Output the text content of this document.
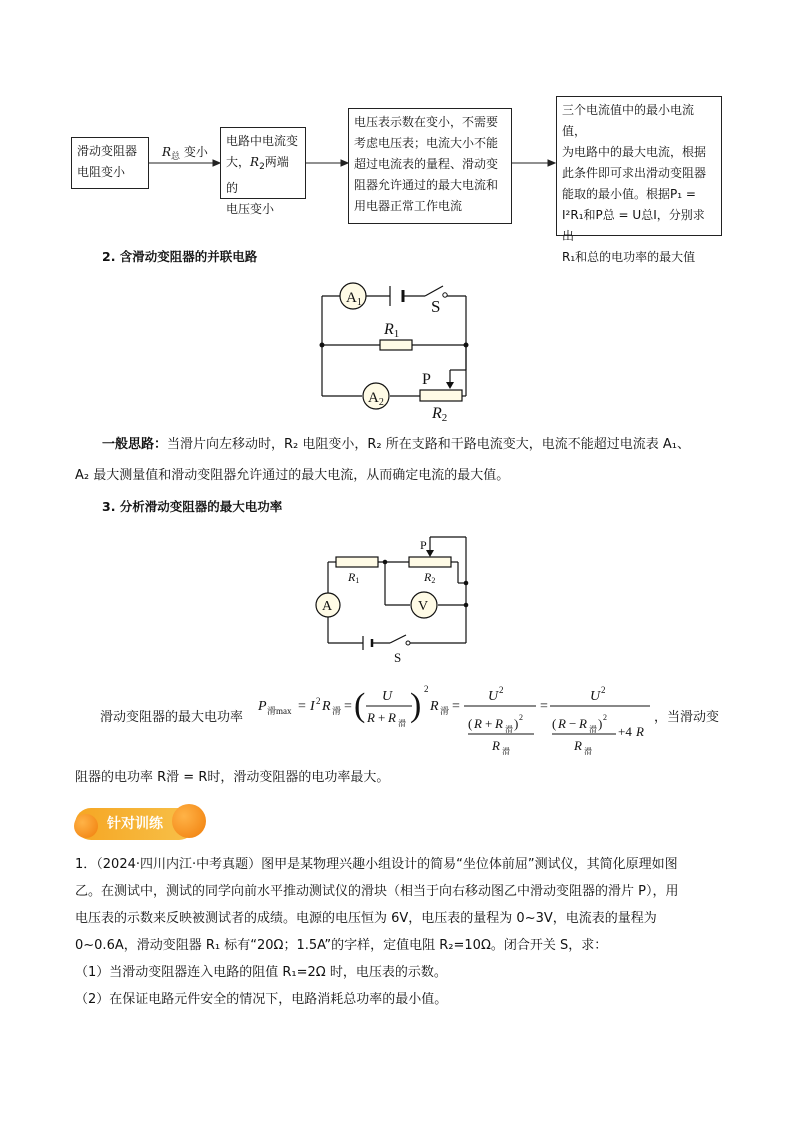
滑动变阻器
电阻变小
$R_总$ 变小
电路中电流变
大，$R_2$两端的
电压变小
电压表示数在变小，不需要
考虑电压表；电流大小不能
超过电流表的量程、滑动变
阻器允许通过的最大电流和
用电器正常工作电流
三个电流值中的最小电流值，
为电路中的最大电流，根据
此条件即可求出滑动变阻器
能取的最小值。根据P₁ =
I²R₁和P总 = U总I，分别求出
R₁和总的电功率的最大值
2. 含滑动变阻器的并联电路
$A_1$	S
R1
$A_2$
P
R2
一般思路：当滑片向左移动时，R₂ 电阻变小，R₂ 所在支路和干路电流变大，电流不能超过电流表 A₁、
A₂ 最大测量值和滑动变阻器允许通过的最大电流，从而确定电流的最大值。
3. 分析滑动变阻器的最大电功率
P
R1	R2
A	V
S
滑动变阻器的最大电功率
P 滑max = I 2 R 滑 = ( U
R + R 滑 ) 2
R 滑 =
U 2
( R + R 滑 ) 2
R 滑
=
U 2
( R − R 滑 ) 2
R 滑
+4 R
，当滑动变
阻器的电功率 R滑 = R时，滑动变阻器的电功率最大。
针对训练
1．（2024·四川内江·中考真题）图甲是某物理兴趣小组设计的简易“坐位体前屈”测试仪，其简化原理如图
乙。在测试中，测试的同学向前水平推动测试仪的滑块（相当于向右移动图乙中滑动变阻器的滑片 P），用
电压表的示数来反映被测试者的成绩。电源的电压恒为 6V，电压表的量程为 0~3V，电流表的量程为
0~0.6A，滑动变阻器 R₁ 标有“20Ω；1.5A”的字样，定值电阻 R₂=10Ω。闭合开关 S，求：
（1）当滑动变阻器连入电路的阻值 R₁=2Ω 时，电压表的示数。
（2）在保证电路元件安全的情况下，电路消耗总功率的最小值。
